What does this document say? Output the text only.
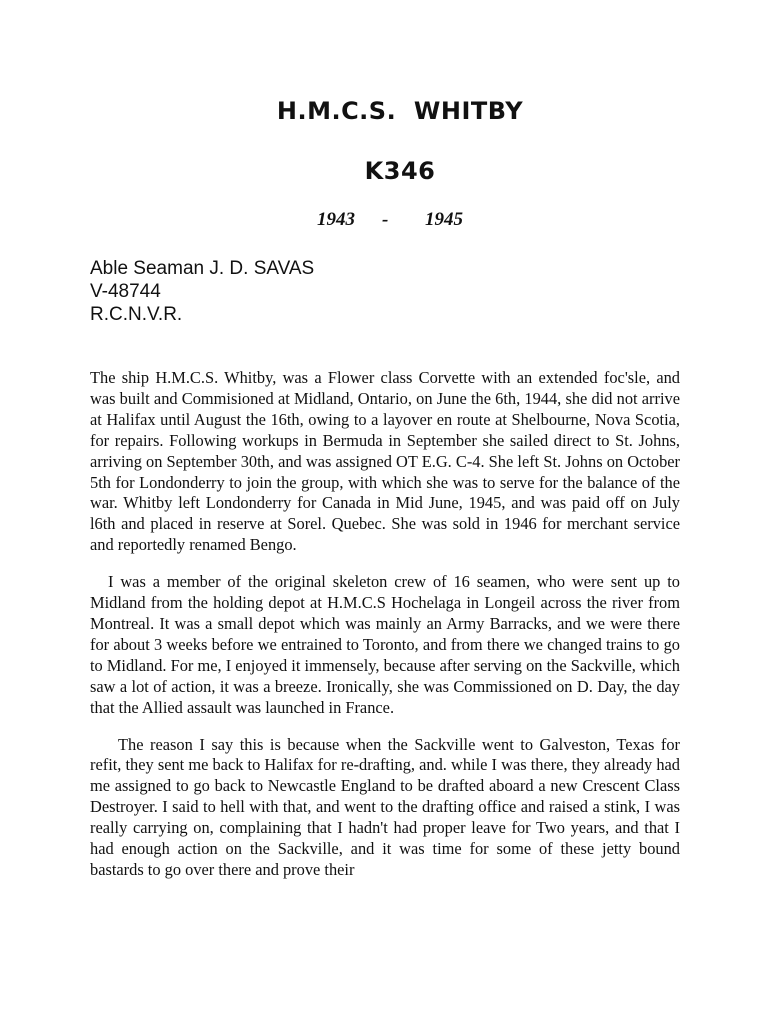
H.M.C.S.  WHITBY
K346
1943 - 1945
Able Seaman J. D. SAVAS
V-48744
R.C.N.V.R.

The ship H.M.C.S. Whitby, was a Flower class Corvette with an extended foc'sle, and was built and Commisioned at Midland, Ontario, on June the 6th, 1944, she did not arrive at Halifax until August the 16th, owing to a layover en route at Shelbourne, Nova Scotia, for repairs. Following workups in Bermuda in September she sailed direct to St. Johns, arriving on September 30th, and was assigned OT E.G. C-4. She left St. Johns on October 5th for Londonderry to join the group, with which she was to serve for the balance of the war. Whitby left Londonderry for Canada in Mid June, 1945, and was paid off on July l6th and placed in reserve at Sorel. Quebec. She was sold in 1946 for merchant service and reportedly renamed Bengo.

I was a member of the original skeleton crew of 16 seamen, who were sent up to Midland from the holding depot at H.M.C.S Hochelaga in Longeil across the river from Montreal. It was a small depot which was mainly an Army Barracks, and we were there for about 3 weeks before we entrained to Toronto, and from there we changed trains to go to Midland. For me, I enjoyed it immensely, because after serving on the Sackville, which saw a lot of action, it was a breeze. Ironically, she was Commissioned on D. Day, the day that the Allied assault was launched in France.

The reason I say this is because when the Sackville went to Galveston, Texas for refit, they sent me back to Halifax for re-drafting, and. while I was there, they already had me assigned to go back to Newcastle England to be drafted aboard a new Crescent Class Destroyer. I said to hell with that, and went to the drafting office and raised a stink, I was really carrying on, complaining that I hadn't had proper leave for Two years, and that I had enough action on the Sackville, and it was time for some of these jetty bound bastards to go over there and prove their
